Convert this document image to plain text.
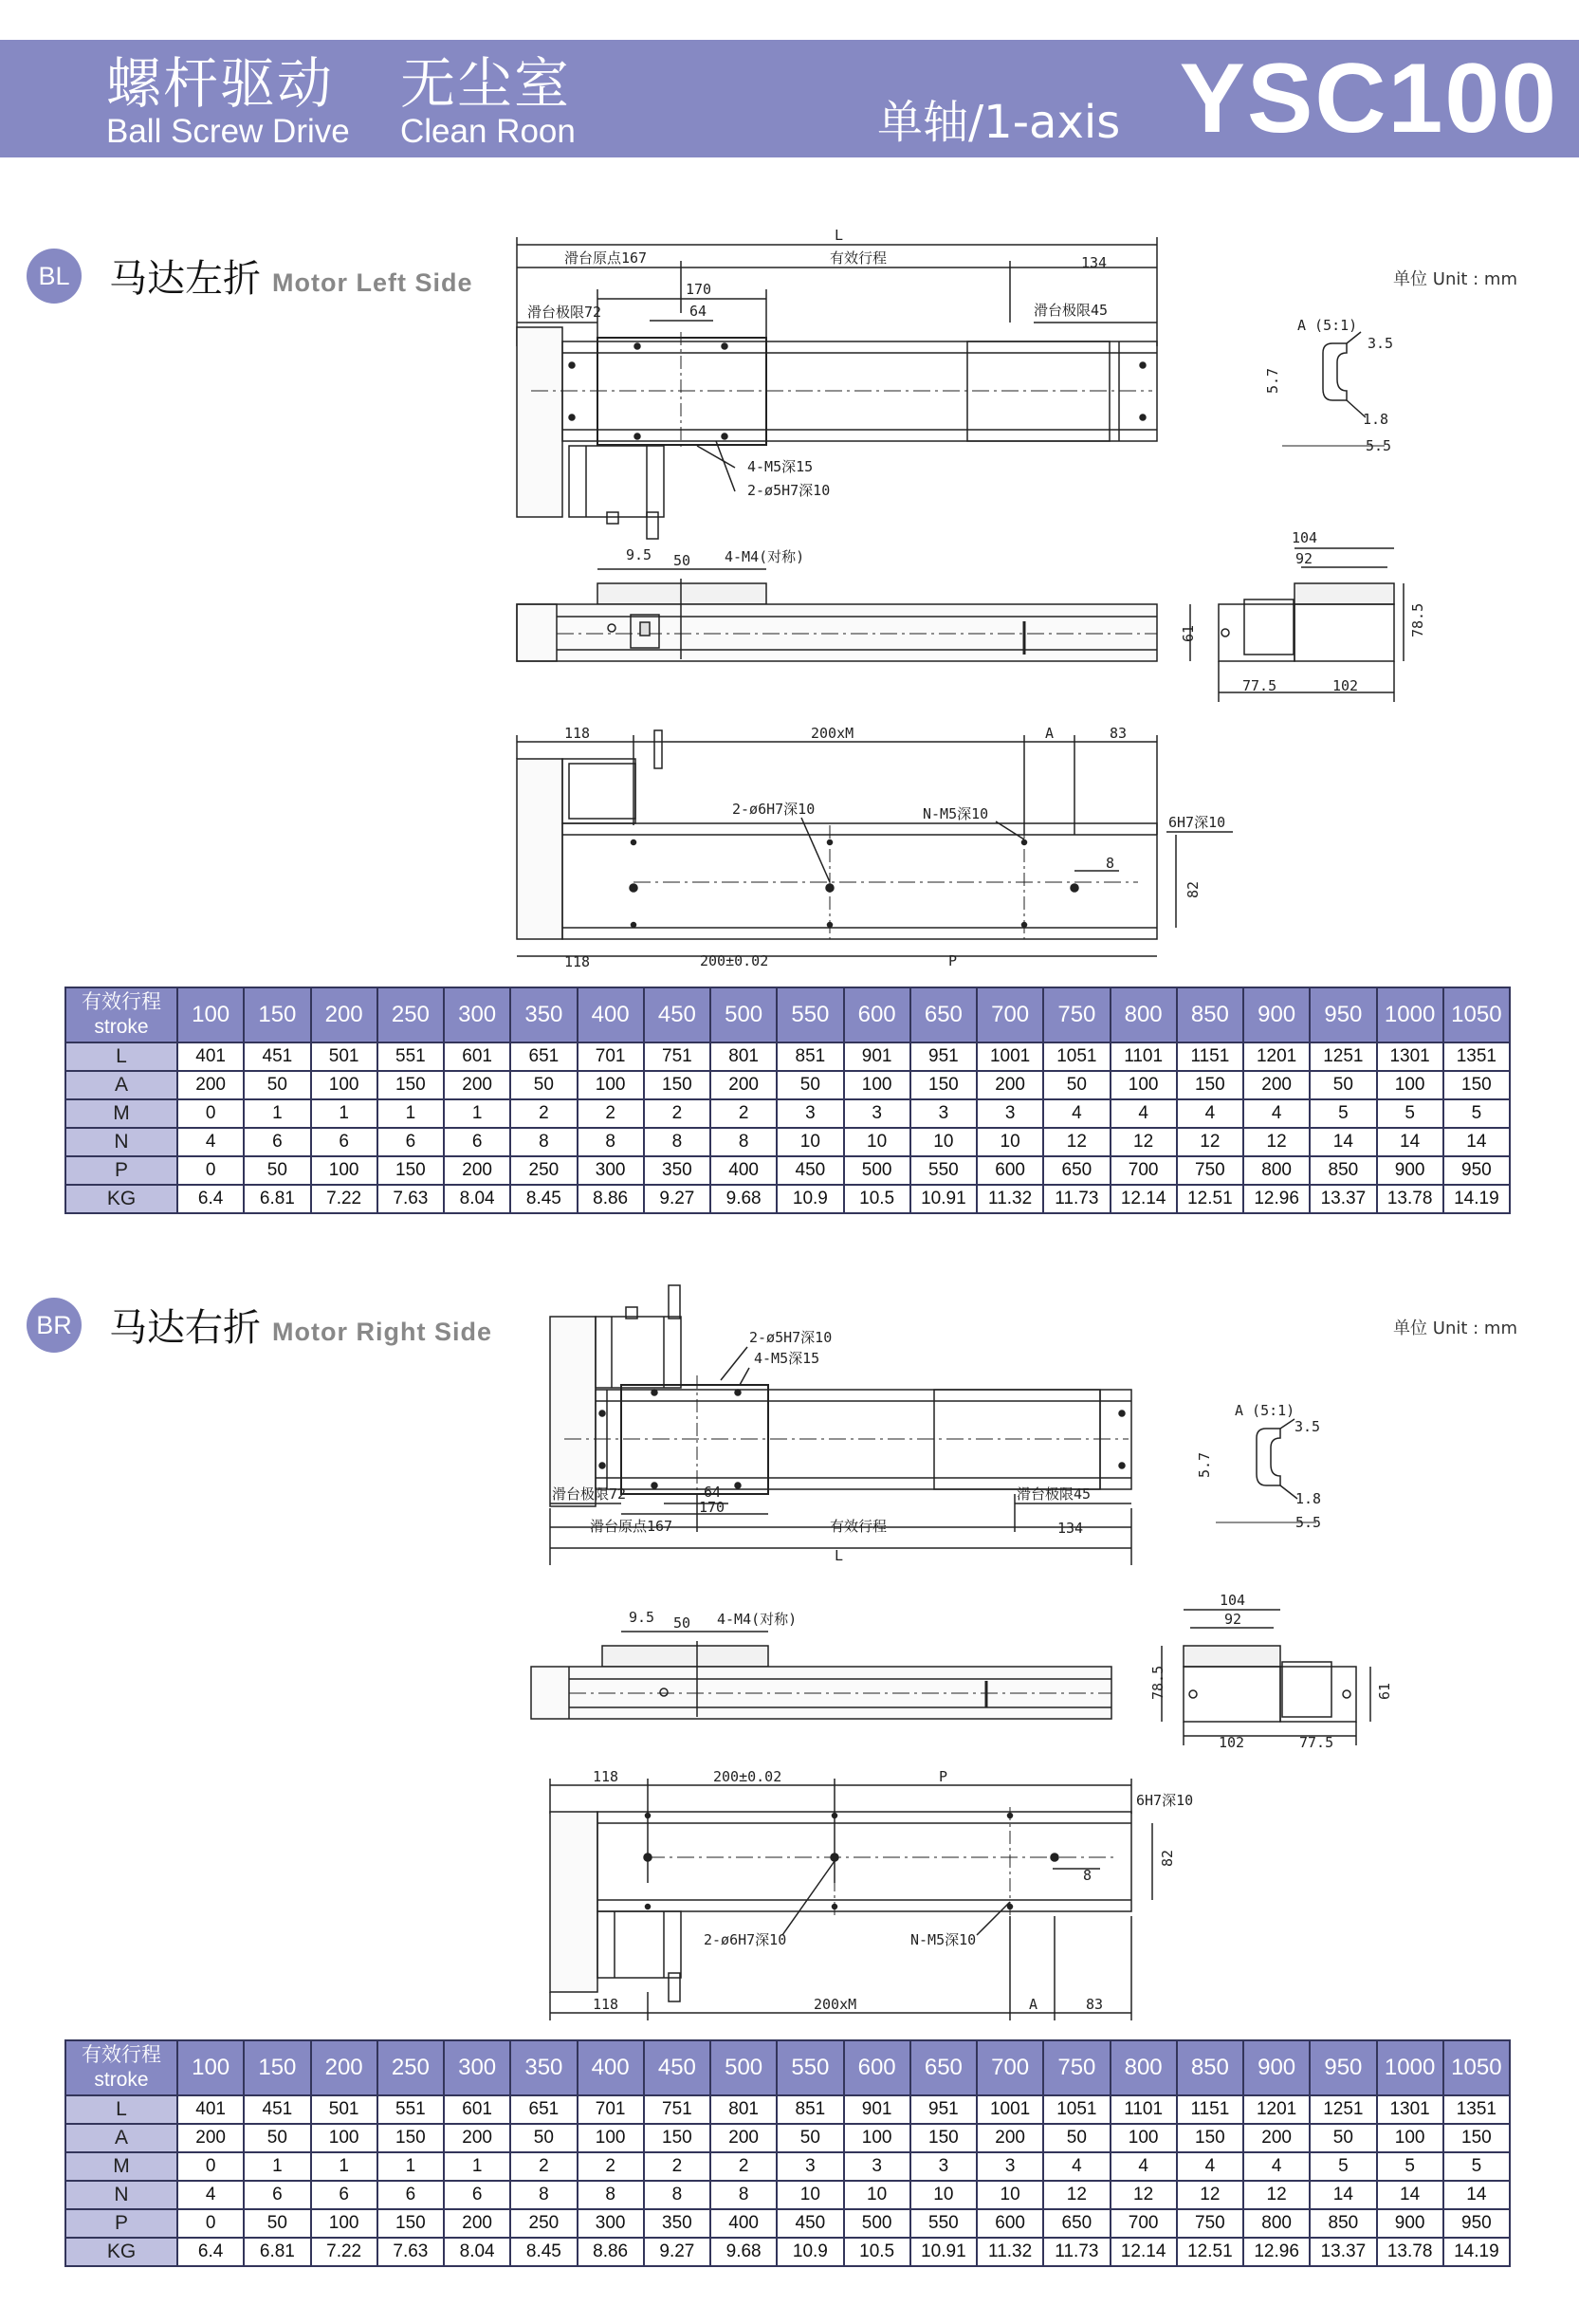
螺杆驱动
Ball Screw Drive
无尘室
Clean Roon	单轴/1-axis YSC100
BL	马达左折 Motor Left Side	单位 Unit : mm
BR 马达右折 Motor Right Side	单位 Unit : mm
L
滑台原点167	有效行程	134
170
64
滑台极限72	滑台极限45
4-M5深15
2-ø5H7深10
A (5:1)
3.5
5.7
1.8
5.5
9.5 50 4-M4(对称)
104
92
61	78.5
77.5	102
118	200xM	A	83
2-ø6H7深10	N-M5深10	6H7深10
8
82
118	200±0.02	P
2-ø5H7深10
4-M5深15
滑台极限72	滑台极限45
64
170
滑台原点167	有效行程	134
L
A (5:1)
3.5
5.7
1.8
5.5
9.5 50 4-M4(对称)
104
92
78.5	61
102	77.5
118	200±0.02	P
6H7深10
8
82
2-ø6H7深10	N-M5深10
118	200xM	A	83
有效行程
stroke	100	150	200	250	300	350	400	450	500	550	600	650	700	750	800	850	900	950	1000	1050
L	401	451	501	551	601	651	701	751	801	851	901	951	1001	1051	1101	1151	1201	1251	1301	1351
A	200	50	100	150	200	50	100	150	200	50	100	150	200	50	100	150	200	50	100	150
M	0	1	1	1	1	2	2	2	2	3	3	3	3	4	4	4	4	5	5	5
N	4	6	6	6	6	8	8	8	8	10	10	10	10	12	12	12	12	14	14	14
P	0	50	100	150	200	250	300	350	400	450	500	550	600	650	700	750	800	850	900	950
KG	6.4	6.81	7.22	7.63	8.04	8.45	8.86	9.27	9.68	10.9	10.5	10.91	11.32	11.73	12.14	12.51	12.96	13.37	13.78	14.19
有效行程
stroke	100	150	200	250	300	350	400	450	500	550	600	650	700	750	800	850	900	950	1000	1050
L	401	451	501	551	601	651	701	751	801	851	901	951	1001	1051	1101	1151	1201	1251	1301	1351
A	200	50	100	150	200	50	100	150	200	50	100	150	200	50	100	150	200	50	100	150
M	0	1	1	1	1	2	2	2	2	3	3	3	3	4	4	4	4	5	5	5
N	4	6	6	6	6	8	8	8	8	10	10	10	10	12	12	12	12	14	14	14
P	0	50	100	150	200	250	300	350	400	450	500	550	600	650	700	750	800	850	900	950
KG	6.4	6.81	7.22	7.63	8.04	8.45	8.86	9.27	9.68	10.9	10.5	10.91	11.32	11.73	12.14	12.51	12.96	13.37	13.78	14.19
